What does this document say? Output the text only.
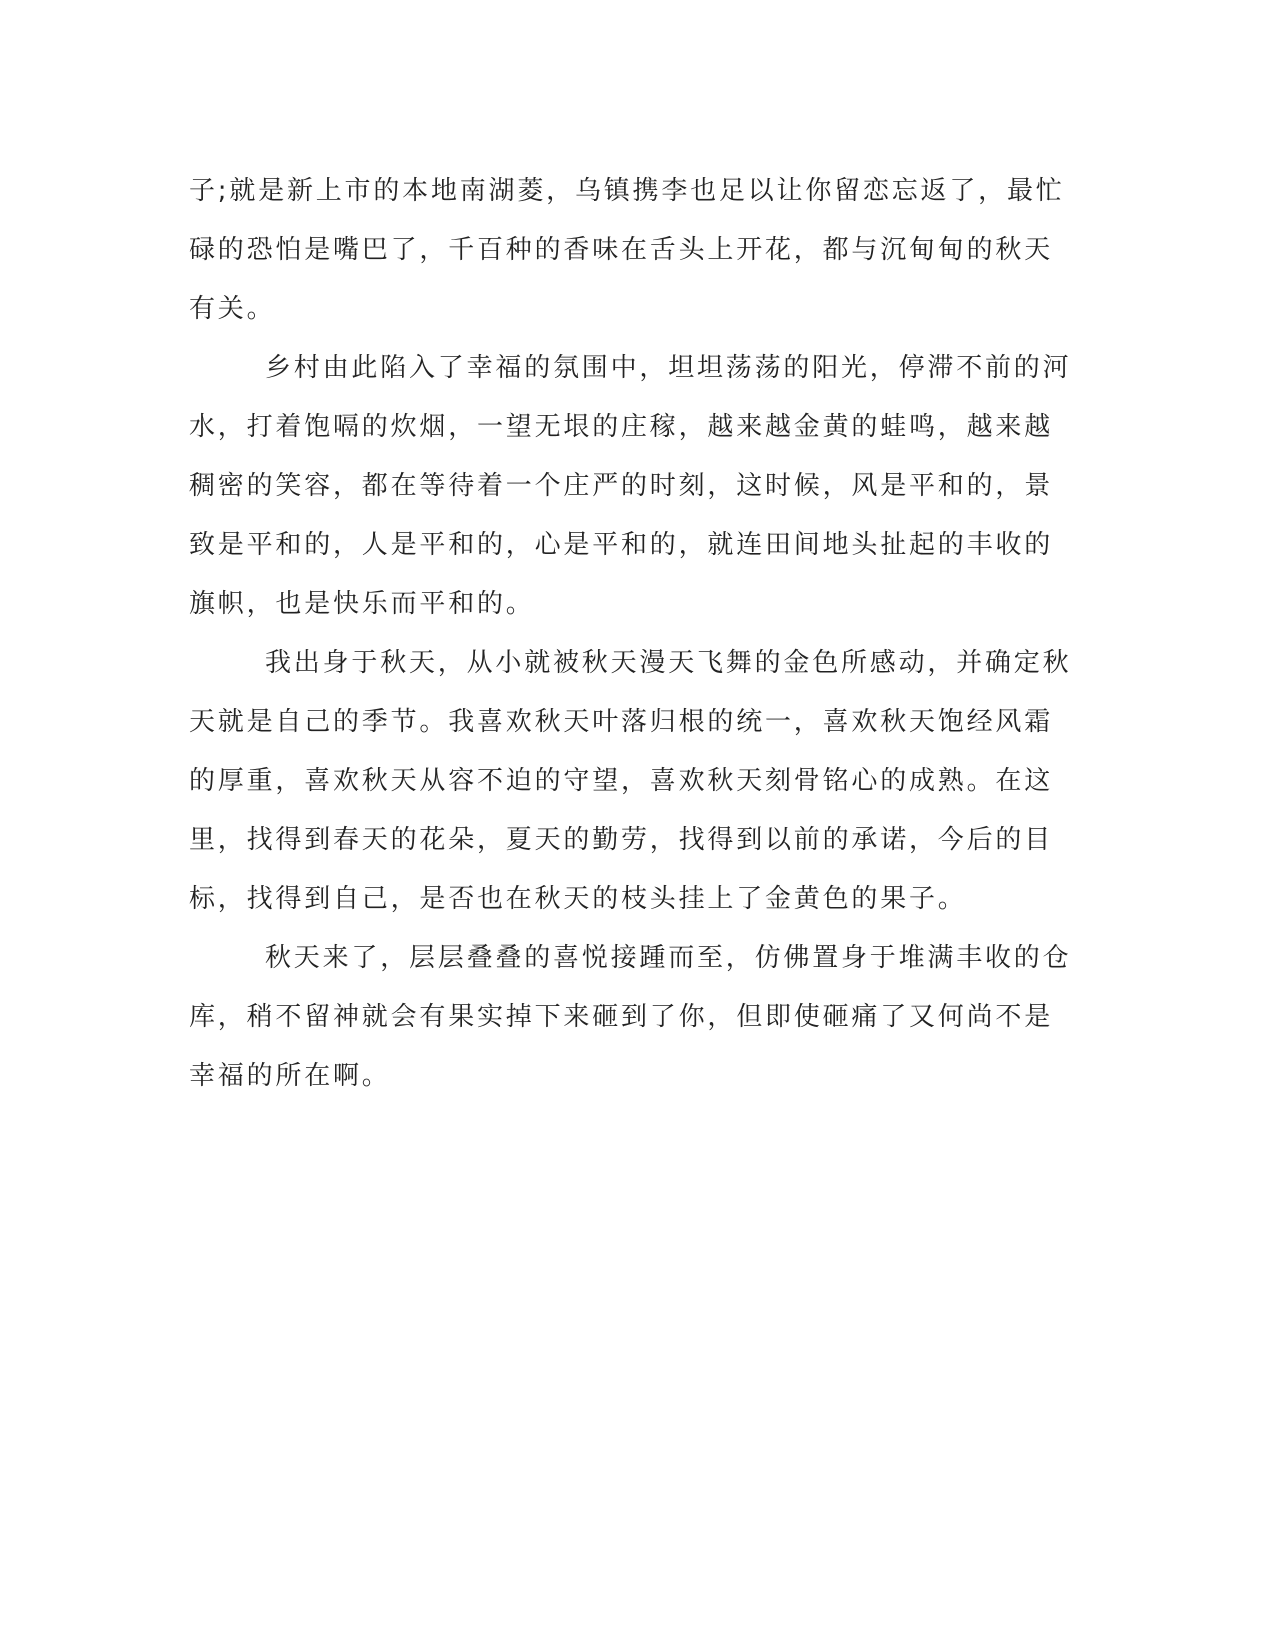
子;就是新上市的本地南湖菱，乌镇携李也足以让你留恋忘返了，最忙
碌的恐怕是嘴巴了，千百种的香味在舌头上开花，都与沉甸甸的秋天
有关。
乡村由此陷入了幸福的氛围中，坦坦荡荡的阳光，停滞不前的河
水，打着饱嗝的炊烟，一望无垠的庄稼，越来越金黄的蛙鸣，越来越
稠密的笑容，都在等待着一个庄严的时刻，这时候，风是平和的，景
致是平和的，人是平和的，心是平和的，就连田间地头扯起的丰收的
旗帜，也是快乐而平和的。
我出身于秋天，从小就被秋天漫天飞舞的金色所感动，并确定秋
天就是自己的季节。我喜欢秋天叶落归根的统一，喜欢秋天饱经风霜
的厚重，喜欢秋天从容不迫的守望，喜欢秋天刻骨铭心的成熟。在这
里，找得到春天的花朵，夏天的勤劳，找得到以前的承诺，今后的目
标，找得到自己，是否也在秋天的枝头挂上了金黄色的果子。
秋天来了，层层叠叠的喜悦接踵而至，仿佛置身于堆满丰收的仓
库，稍不留神就会有果实掉下来砸到了你，但即使砸痛了又何尚不是
幸福的所在啊。
